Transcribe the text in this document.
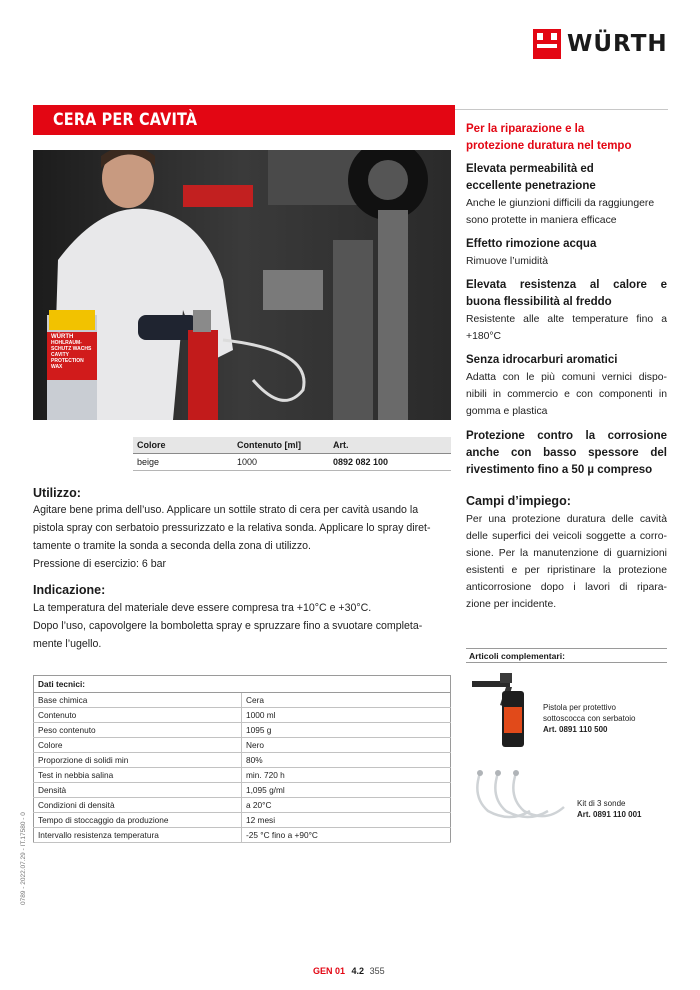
WÜRTH
CERA PER CAVITÀ
WÜRTH
HOHLRAUM-
SCHUTZ WACHS
CAVITY
PROTECTION
WAX
Colore	Contenuto [ml]	Art.
beige	1000	0892 082 100
Utilizzo:

Agitare bene prima dell’uso. Applicare un sottile strato di cera per cavità usando la

pistola spray con serbatoio pressurizzato e la relativa sonda. Applicare lo spray diret-

tamente o tramite la sonda a seconda della zona di utilizzo.

Pressione di esercizio: 6 bar

Indicazione:

La temperatura del materiale deve essere compresa tra +10°C e +30°C.

Dopo l’uso, capovolgere la bomboletta spray e spruzzare fino a svuotare completa-

mente l’ugello.

Dati tecnici:	
Base chimica	Cera
Contenuto	1000 ml
Peso contenuto	1095 g
Colore	Nero
Proporzione di solidi min	80%
Test in nebbia salina	min. 720 h
Densità	1,095 g/ml
Condizioni di densità	a 20°C
Tempo di stoccaggio da produzione	12 mesi
Intervallo resistenza temperatura	-25 °C fino a +90°C
Per la riparazione e la
protezione duratura nel tempo
Elevata permeabilità ed
eccellente penetrazione
Anche le giunzioni difficili da raggiungere
sono protette in maniera efficace
Effetto rimozione acqua
Rimuove l’umidità
Elevata resistenza al calore e
buona flessibilità al freddo
Resistente alle alte temperature fino a
+180°C
Senza idrocarburi aromatici
Adatta con le più comuni vernici dispo-
nibili in commercio e con componenti in
gomma e plastica
Protezione contro la corrosione
anche con basso spessore del
rivestimento fino a 50 µ compreso
Campi d’impiego:
Per una protezione duratura delle cavità
delle superfici dei veicoli soggette a corro-
sione. Per la manutenzione di guarnizioni
esistenti e per ripristinare la protezione
anticorrosione dopo i lavori di ripara-
zione per incidente.
Articoli complementari:
Pistola per protettivo
sottoscocca con serbatoio
Art. 0891 110 500
Kit di 3 sonde
Art. 0891 110 001
0789 - 2022.07.29 - IT.17580 - 0
GEN 01 4.2 355
